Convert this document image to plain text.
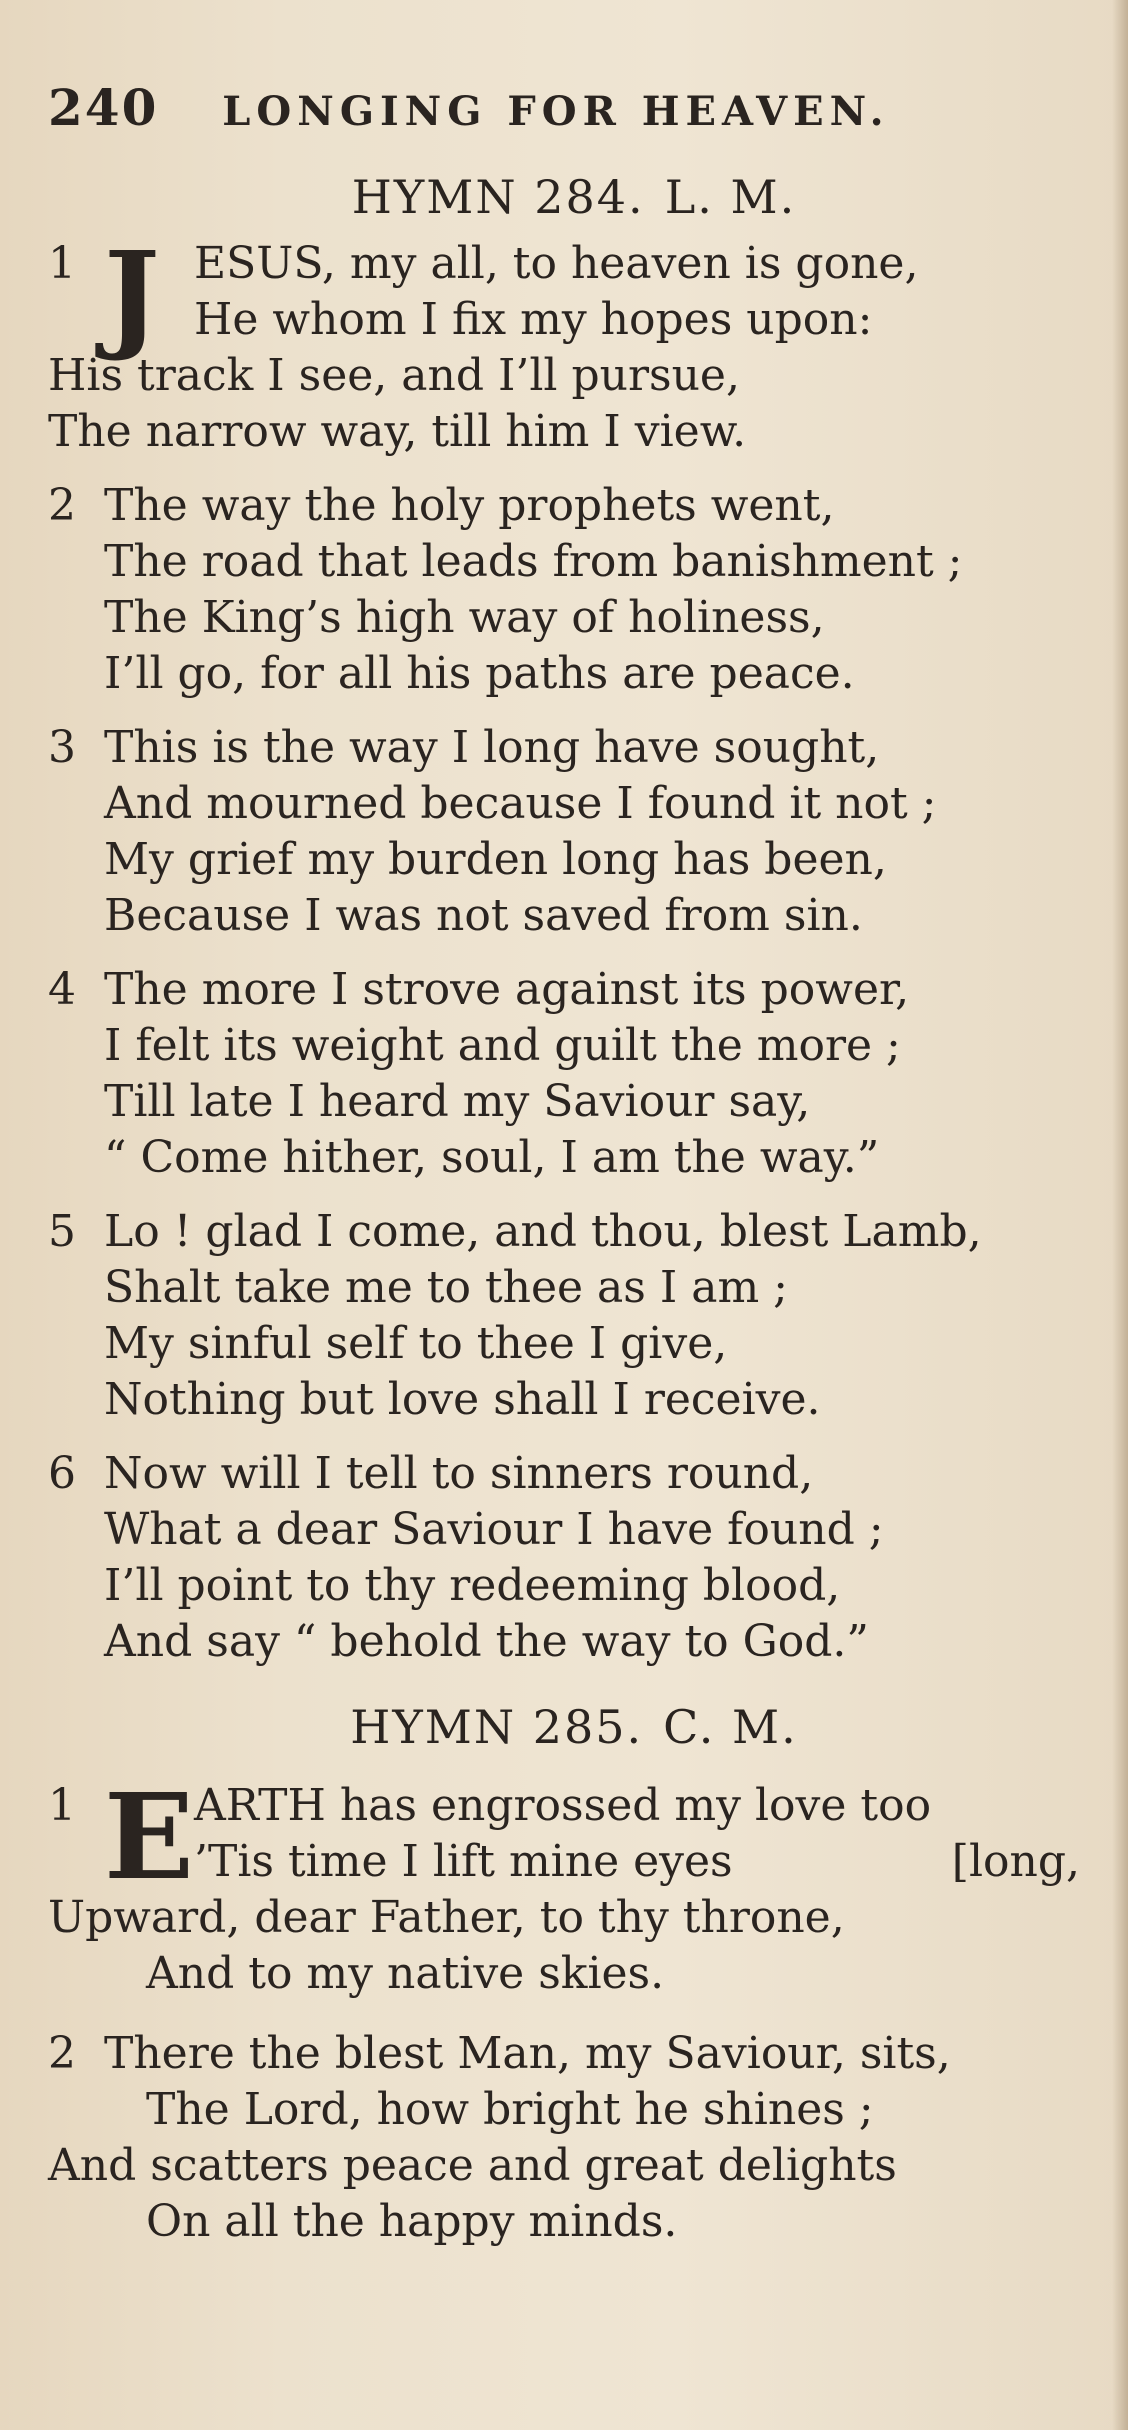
240 LONGING FOR HEAVEN.
HYMN 284. L. M.
J
1	ESUS, my all, to heaven is gone,
He whom I fix my hopes upon:
His track I see, and I’ll pursue,
The narrow way, till him I view.
2 The way the holy prophets went,
The road that leads from banishment ;
The King’s high way of holiness,
I’ll go, for all his paths are peace.
3 This is the way I long have sought,
And mourned because I found it not ;
My grief my burden long has been,
Because I was not saved from sin.
4 The more I strove against its power,
I felt its weight and guilt the more ;
Till late I heard my Saviour say,
“ Come hither, soul, I am the way.”
5 Lo ! glad I come, and thou, blest Lamb,
Shalt take me to thee as I am ;
My sinful self to thee I give,
Nothing but love shall I receive.
6 Now will I tell to sinners round,
What a dear Saviour I have found ;
I’ll point to thy redeeming blood,
And say “ behold the way to God.”
HYMN 285. C. M.
E
1	ARTH has engrossed my love too
’Tis time I lift mine eyes	[long,
Upward, dear Father, to thy throne,
And to my native skies.
2 There the blest Man, my Saviour, sits,
The Lord, how bright he shines ;
And scatters peace and great delights
On all the happy minds.
